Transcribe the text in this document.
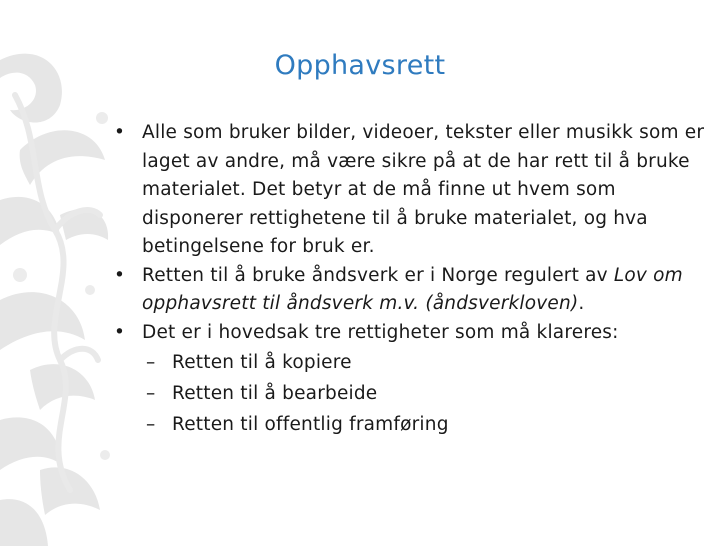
Opphavsrett
• Alle som bruker bilder, videoer, tekster eller musikk som er laget av andre, må være sikre på at de har rett til å bruke materialet. Det betyr at de må finne ut hvem som disponerer rettighetene til å bruke materialet, og hva betingelsene for bruk er.
• Retten til å bruke åndsverk er i Norge regulert av Lov om opphavsrett til åndsverk m.v. (åndsverkloven).
• Det er i hovedsak tre rettigheter som må klareres:
– Retten til å kopiere
– Retten til å bearbeide
– Retten til offentlig framføring
